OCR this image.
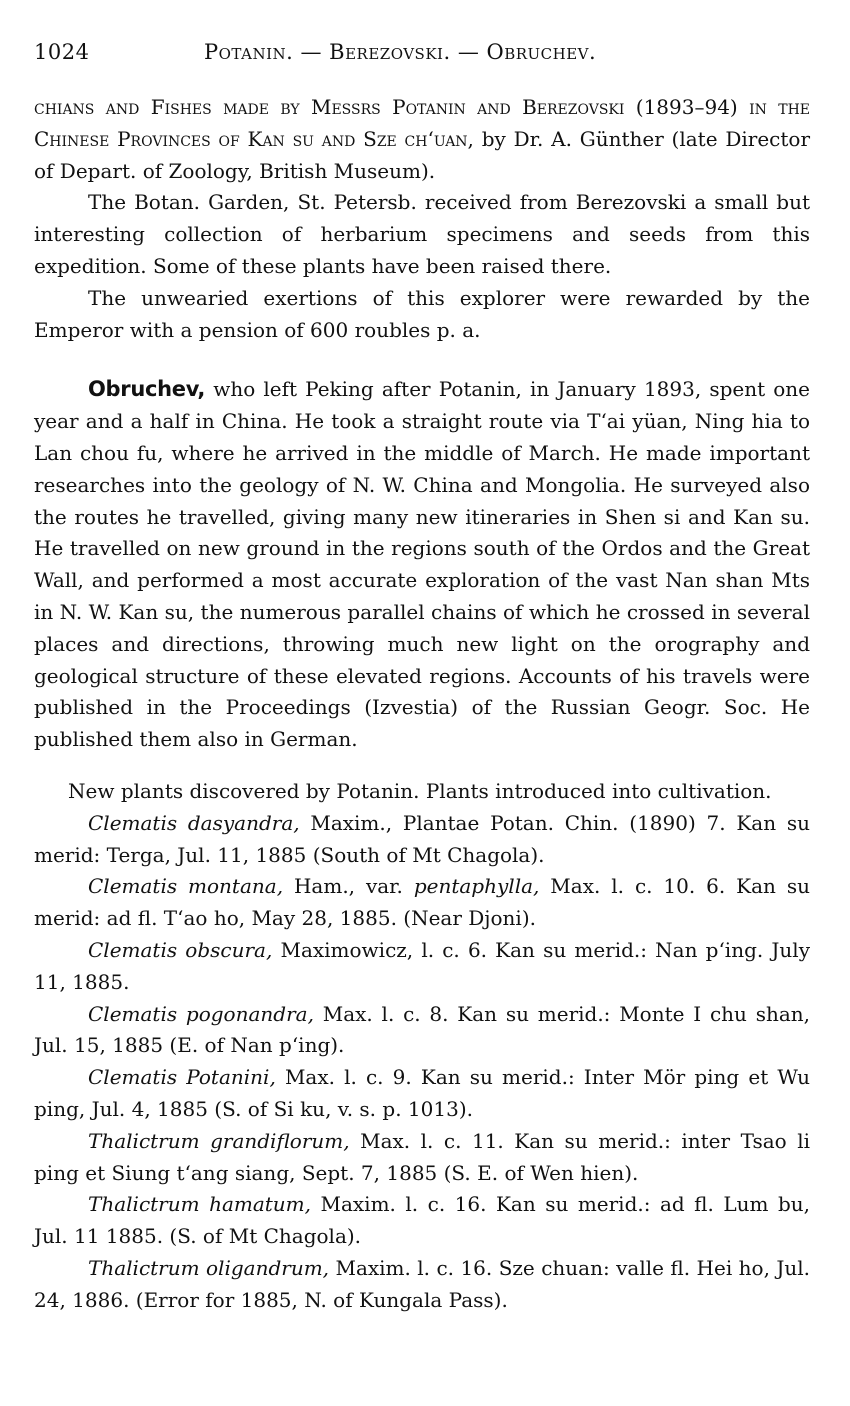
1024	Potanin. — Berezovski. — Obruchev.

chians and Fishes made by Messrs Potanin and Berezovski (1893–94) in the Chinese Provinces of Kan su and Sze chʻuan, by Dr. A. Günther (late Director of Depart. of Zoology, British Museum).

The Botan. Garden, St. Petersb. received from Berezovski a small but interesting collection of herbarium specimens and seeds from this expedition. Some of these plants have been raised there.

The unwearied exertions of this explorer were rewarded by the Emperor with a pension of 600 roubles p. a.

Obruchev, who left Peking after Potanin, in January 1893, spent one year and a half in China. He took a straight route via Tʻai yüan, Ning hia to Lan chou fu, where he arrived in the middle of March. He made important researches into the geology of N. W. China and Mongolia. He surveyed also the routes he travelled, giving many new itineraries in Shen si and Kan su. He travelled on new ground in the regions south of the Ordos and the Great Wall, and performed a most accurate exploration of the vast Nan shan Mts in N. W. Kan su, the numerous parallel chains of which he crossed in several places and directions, throwing much new light on the orography and geological structure of these elevated regions. Accounts of his travels were published in the Proceedings (Izvestia) of the Russian Geogr. Soc. He published them also in German.

New plants discovered by Potanin. Plants introduced into cultivation.

Clematis dasyandra, Maxim., Plantae Potan. Chin. (1890) 7. Kan su merid: Terga, Jul. 11, 1885 (South of Mt Chagola).

Clematis montana, Ham., var. pentaphylla, Max. l. c. 10. 6. Kan su merid: ad fl. Tʻao ho, May 28, 1885. (Near Djoni).

Clematis obscura, Maximowicz, l. c. 6. Kan su merid.: Nan pʻing. July 11, 1885.

Clematis pogonandra, Max. l. c. 8. Kan su merid.: Monte I chu shan, Jul. 15, 1885 (E. of Nan pʻing).

Clematis Potanini, Max. l. c. 9. Kan su merid.: Inter Mör ping et Wu ping, Jul. 4, 1885 (S. of Si ku, v. s. p. 1013).

Thalictrum grandiflorum, Max. l. c. 11. Kan su merid.: inter Tsao li ping et Siung tʻang siang, Sept. 7, 1885 (S. E. of Wen hien).

Thalictrum hamatum, Maxim. l. c. 16. Kan su merid.: ad fl. Lum bu, Jul. 11 1885. (S. of Mt Chagola).

Thalictrum oligandrum, Maxim. l. c. 16. Sze chuan: valle fl. Hei ho, Jul. 24, 1886. (Error for 1885, N. of Kungala Pass).
